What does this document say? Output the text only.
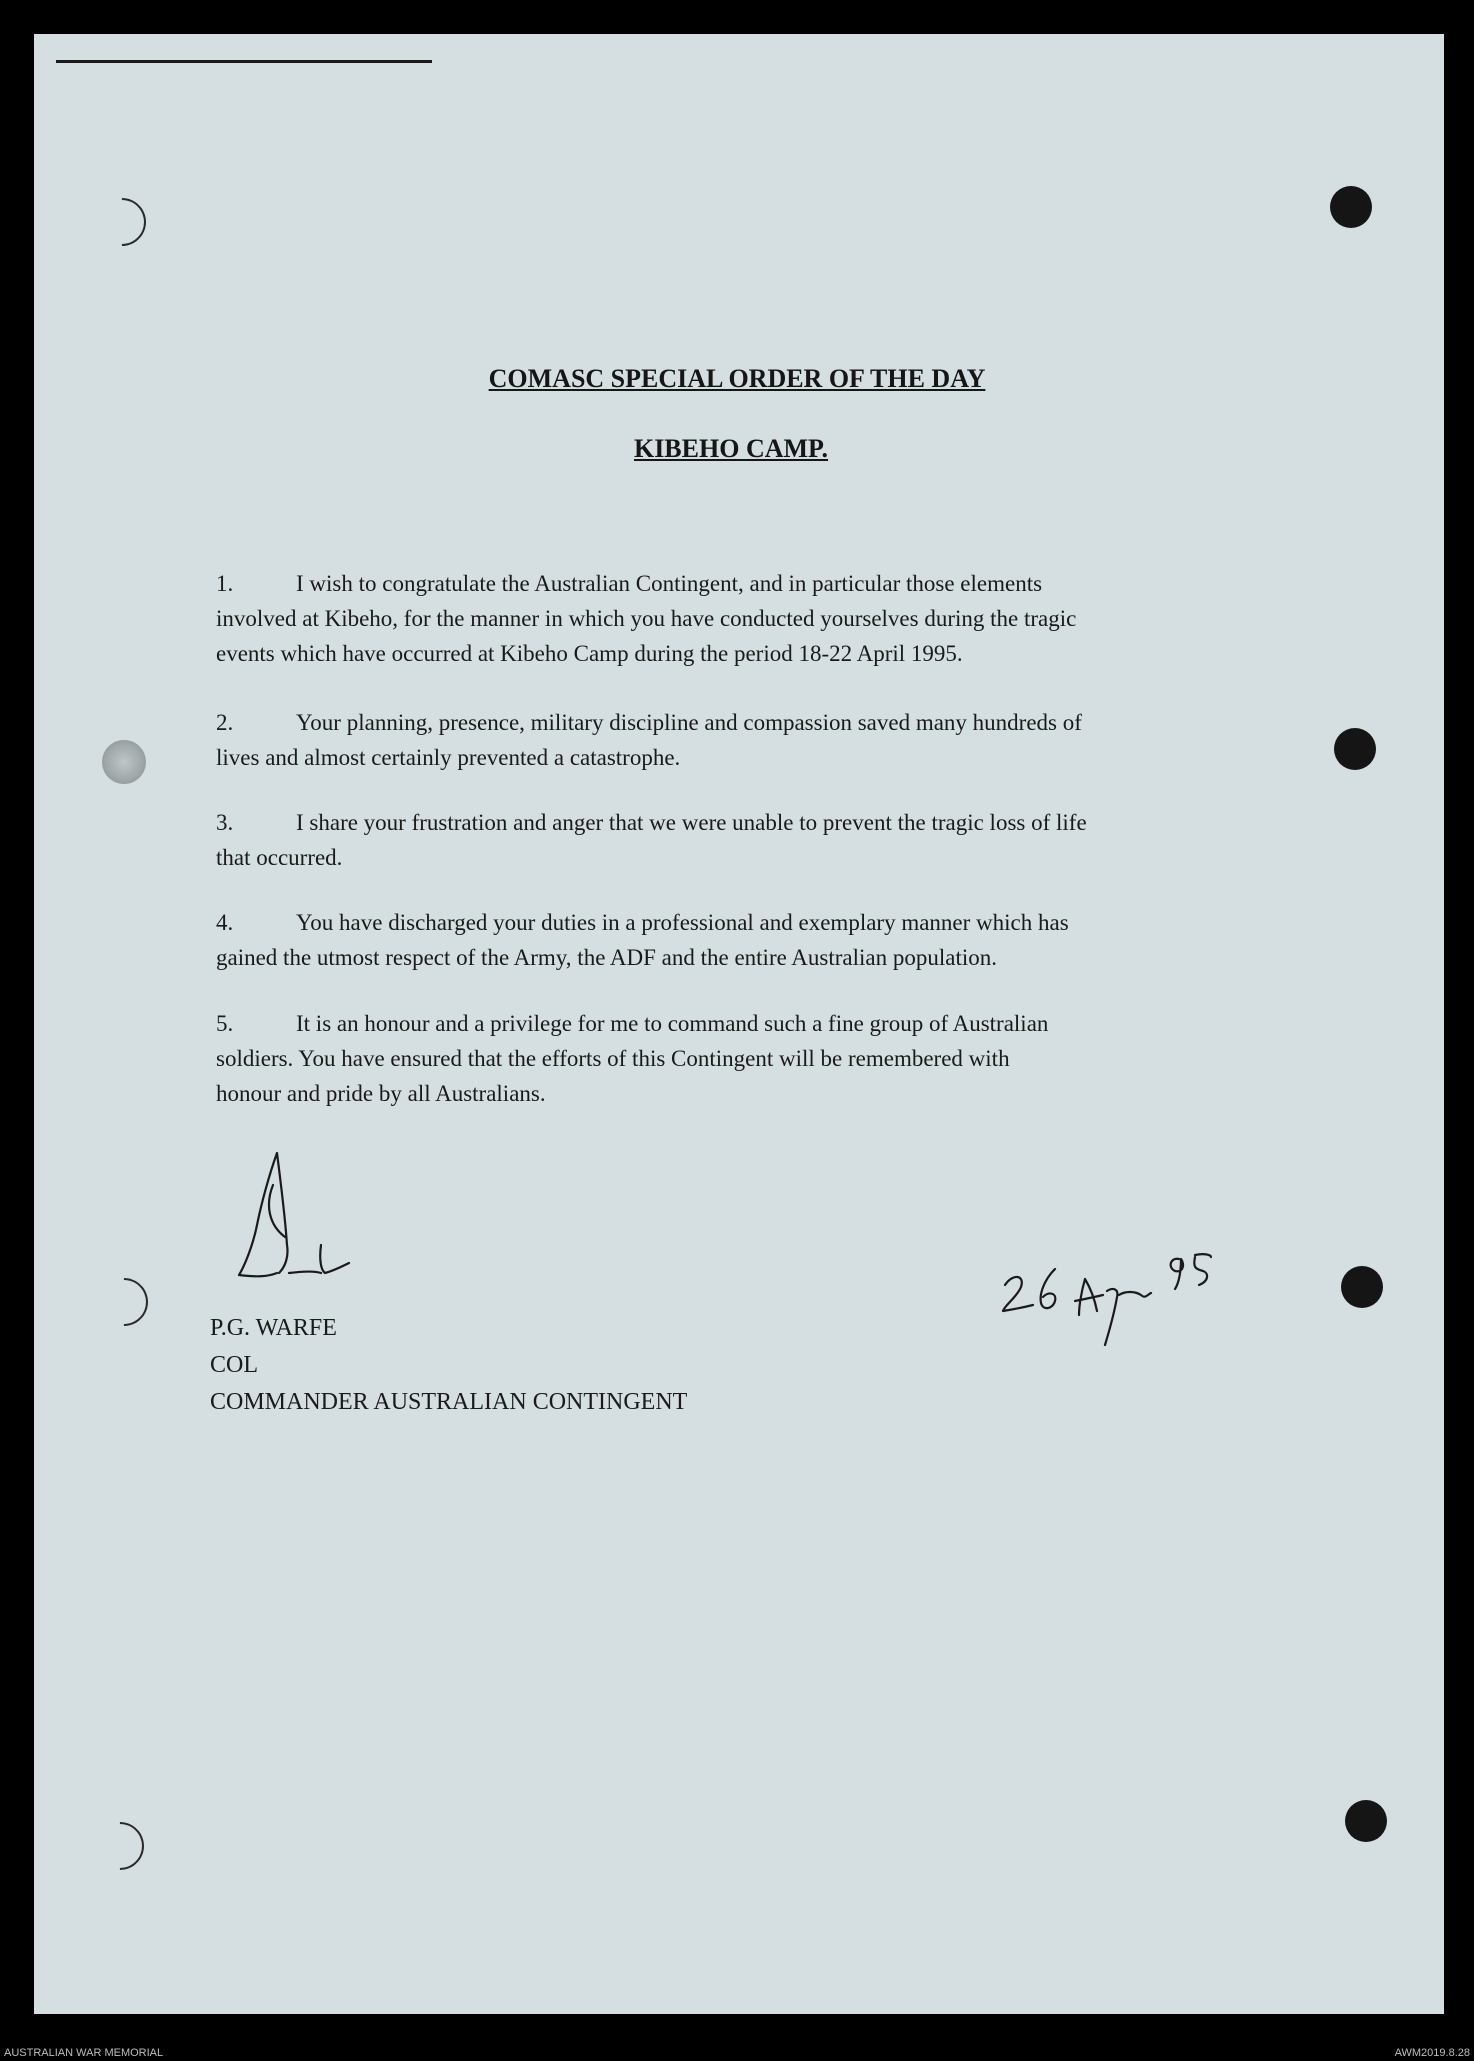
COMASC SPECIAL ORDER OF THE DAY
KIBEHO CAMP.
1.	I wish to congratulate the Australian Contingent, and in particular those elements
involved at Kibeho, for the manner in which you have conducted yourselves during the tragic
events which have occurred at Kibeho Camp during the period 18-22 April 1995.
2.	Your planning, presence, military discipline and compassion saved many hundreds of
lives and almost certainly prevented a catastrophe.
3.	I share your frustration and anger that we were unable to prevent the tragic loss of life
that occurred.
4.	You have discharged your duties in a professional and exemplary manner which has
gained the utmost respect of the Army, the ADF and the entire Australian population.
5.	It is an honour and a privilege for me to command such a fine group of Australian
soldiers. You have ensured that the efforts of this Contingent will be remembered with
honour and pride by all Australians.
P.G. WARFE
COL
COMMANDER AUSTRALIAN CONTINGENT
AUSTRALIAN WAR MEMORIAL	AWM2019.8.28
